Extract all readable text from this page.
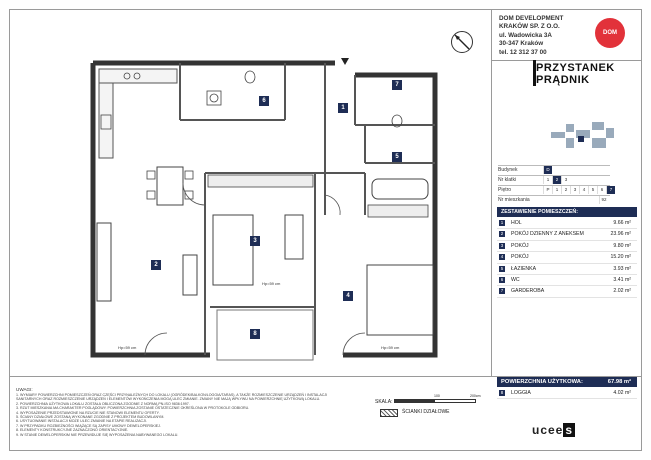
DOM DEVELOPMENT
KRAKÓW SP. Z O.O.
ul. Wadowicka 3A
30-347 Kraków
tel. 12 312 37 00
DOM
PRZYSTANEK
PRĄDNIK
Budynek	D
Nr klatki	1	2	3
Piętro	P	1	2	3	4	5	6	7
Nr mieszkania	92
ZESTAWIENIE POMIESZCZEŃ:
1	HOL	9.66 m²
2	POKÓJ DZIENNY Z ANEKSEM	23.96 m²
3	POKÓJ	9.80 m²
4	POKÓJ	15.20 m²
5	ŁAZIENKA	3.93 m²
6	WC	3.41 m²
7	GARDEROBA	2.02 m²
POWIERZCHNIA UŻYTKOWA:	67.98 m²
8	LOGGIA	4.02 m²
ucee s
UWAGI:
1. WYMIARY POWIERZCHNI POMIESZCZEŃ ORAZ CZĘŚCI PRZYNALEŻNYCH DO LOKALU (OGRÓDEK/BALKON/LOGGIA/TARAS), A TAKŻE ROZMIESZCZENIE URZĄDZEŃ I INSTALACJI
SANITARNYCH ORAZ ROZMIESZCZENIE URZĄDZEŃ I ELEMENTÓW WYKOŃCZENIA MOGĄ ULEC ZMIANIE. ZMIANY NIE MAJĄ WPŁYWU NA POWIERZCHNIĘ UŻYTKOWĄ LOKALU.
2. POWIERZCHNIA UŻYTKOWA LOKALU ZOSTAŁA OBLICZONA ZGODNIE Z NORMĄ PN-ISO 9836:1997.
3. RZUT MIESZKANIA MA CHARAKTER POGLĄDOWY. POWIERZCHNIA ZOSTANIE OSTATECZNIE OKREŚLONA W PROTOKOLE ODBIORU.
4. WYPOSAŻENIE PRZEDSTAWIONE NA RZUCIE NIE STANOWI ELEMENTU OFERTY.
5. ŚCIANY DZIAŁOWE ZOSTANĄ WYKONANE ZGODNIE Z PROJEKTEM BUDOWLANYM.
6. USYTUOWANIE INSTALACJI MOŻE ULEC ZMIANIE NA ETAPIE REALIZACJI.
7. W PRZYPADKU ROZBIEŻNOŚCI WIĄŻĄCE SĄ ZAPISY UMOWY DEWELOPERSKIEJ.
8. ELEMENTY KONSTRUKCYJNE ZAZNACZONO ORIENTACYJNIE.
9. W STANIE DEWELOPERSKIM NIE PRZEWIDUJE SIĘ WYPOSAŻENIA NABYWANEGO LOKALU.
SKALA:
100	200cm
ŚCIANKI DZIAŁOWE
1
2
3
4
5
6
7
8
Hp=59 cm
Hp=59 cm	Hp=59 cm
